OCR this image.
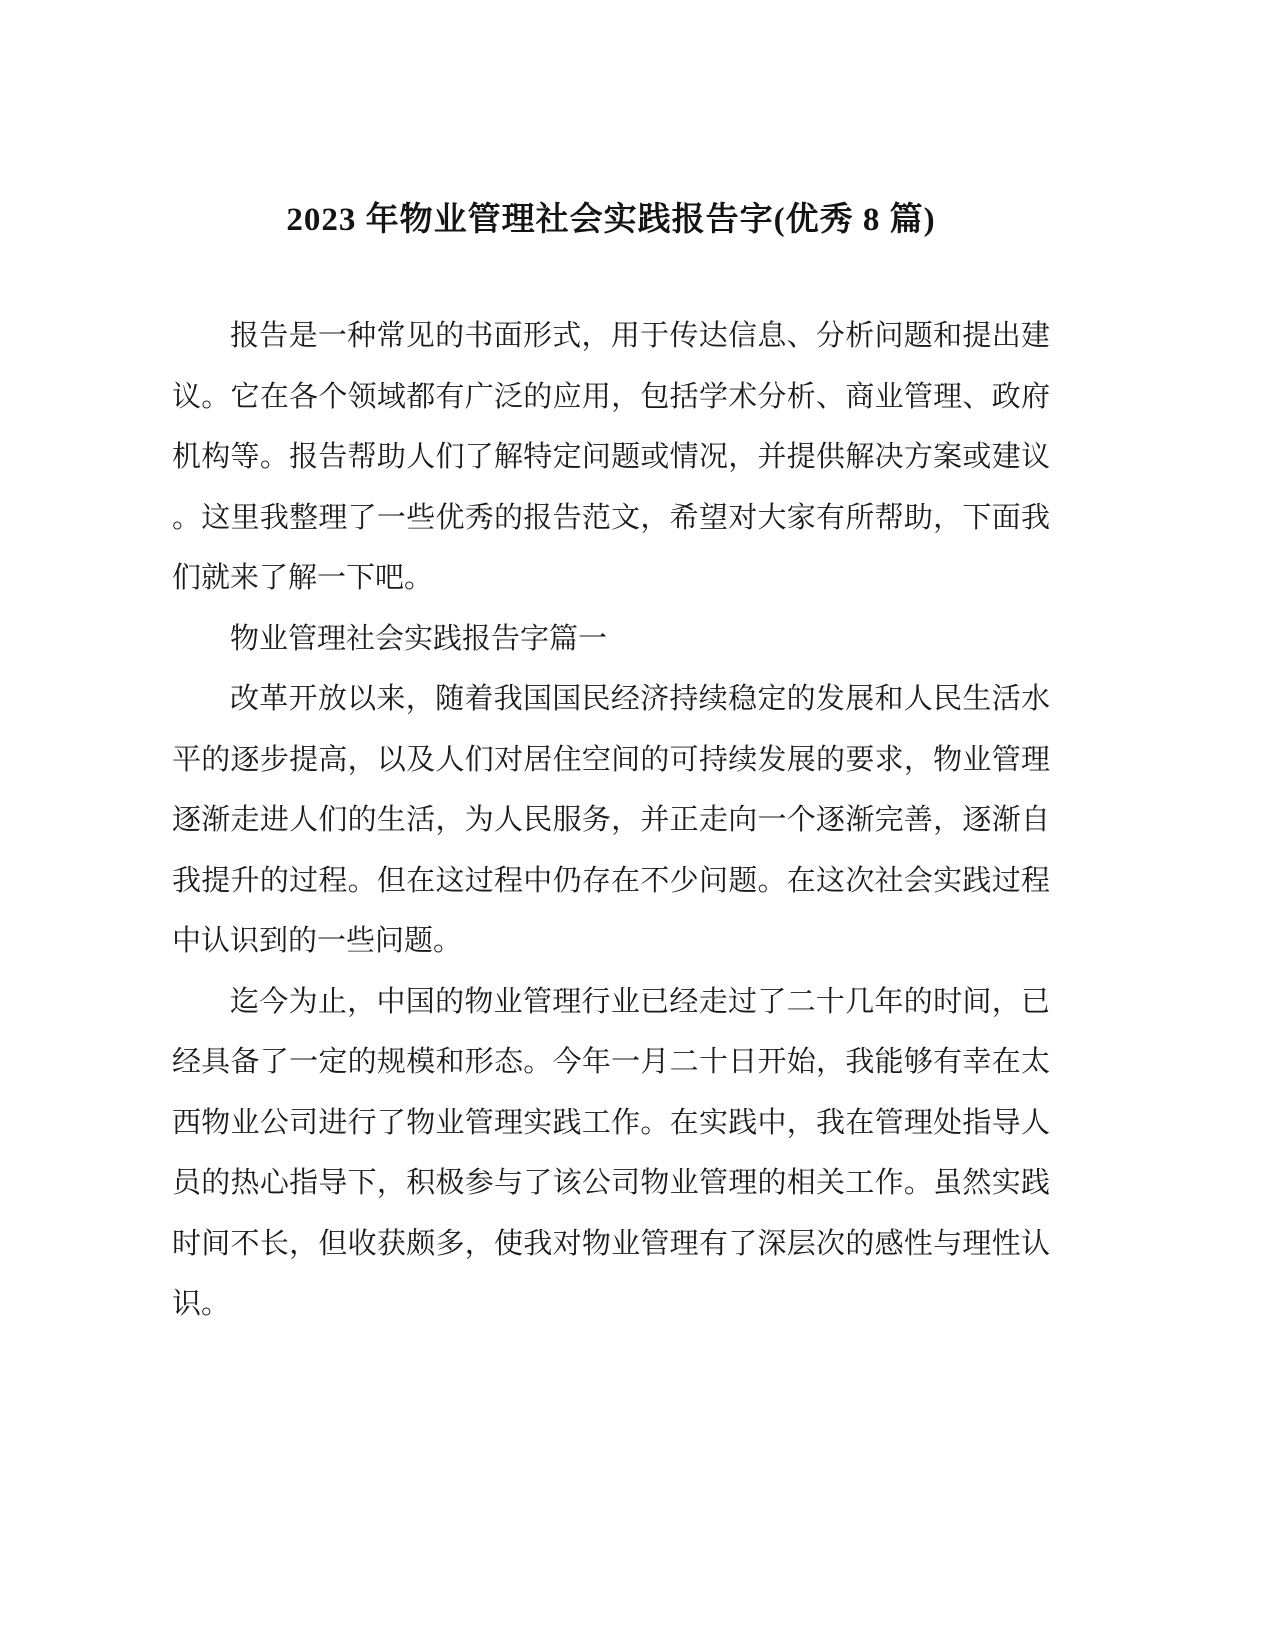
2023 年物业管理社会实践报告字(优秀 8 篇)

报告是一种常见的书面形式，用于传达信息、分析问题和提出建议。它在各个领域都有广泛的应用，包括学术分析、商业管理、政府机构等。报告帮助人们了解特定问题或情况，并提供解决方案或建议。这里我整理了一些优秀的报告范文，希望对大家有所帮助，下面我们就来了解一下吧。

物业管理社会实践报告字篇一

改革开放以来，随着我国国民经济持续稳定的发展和人民生活水平的逐步提高，以及人们对居住空间的可持续发展的要求，物业管理逐渐走进人们的生活，为人民服务，并正走向一个逐渐完善，逐渐自我提升的过程。但在这过程中仍存在不少问题。在这次社会实践过程中认识到的一些问题。

迄今为止，中国的物业管理行业已经走过了二十几年的时间，已经具备了一定的规模和形态。今年一月二十日开始，我能够有幸在太西物业公司进行了物业管理实践工作。在实践中，我在管理处指导人员的热心指导下，积极参与了该公司物业管理的相关工作。虽然实践时间不长，但收获颇多，使我对物业管理有了深层次的感性与理性认识。
